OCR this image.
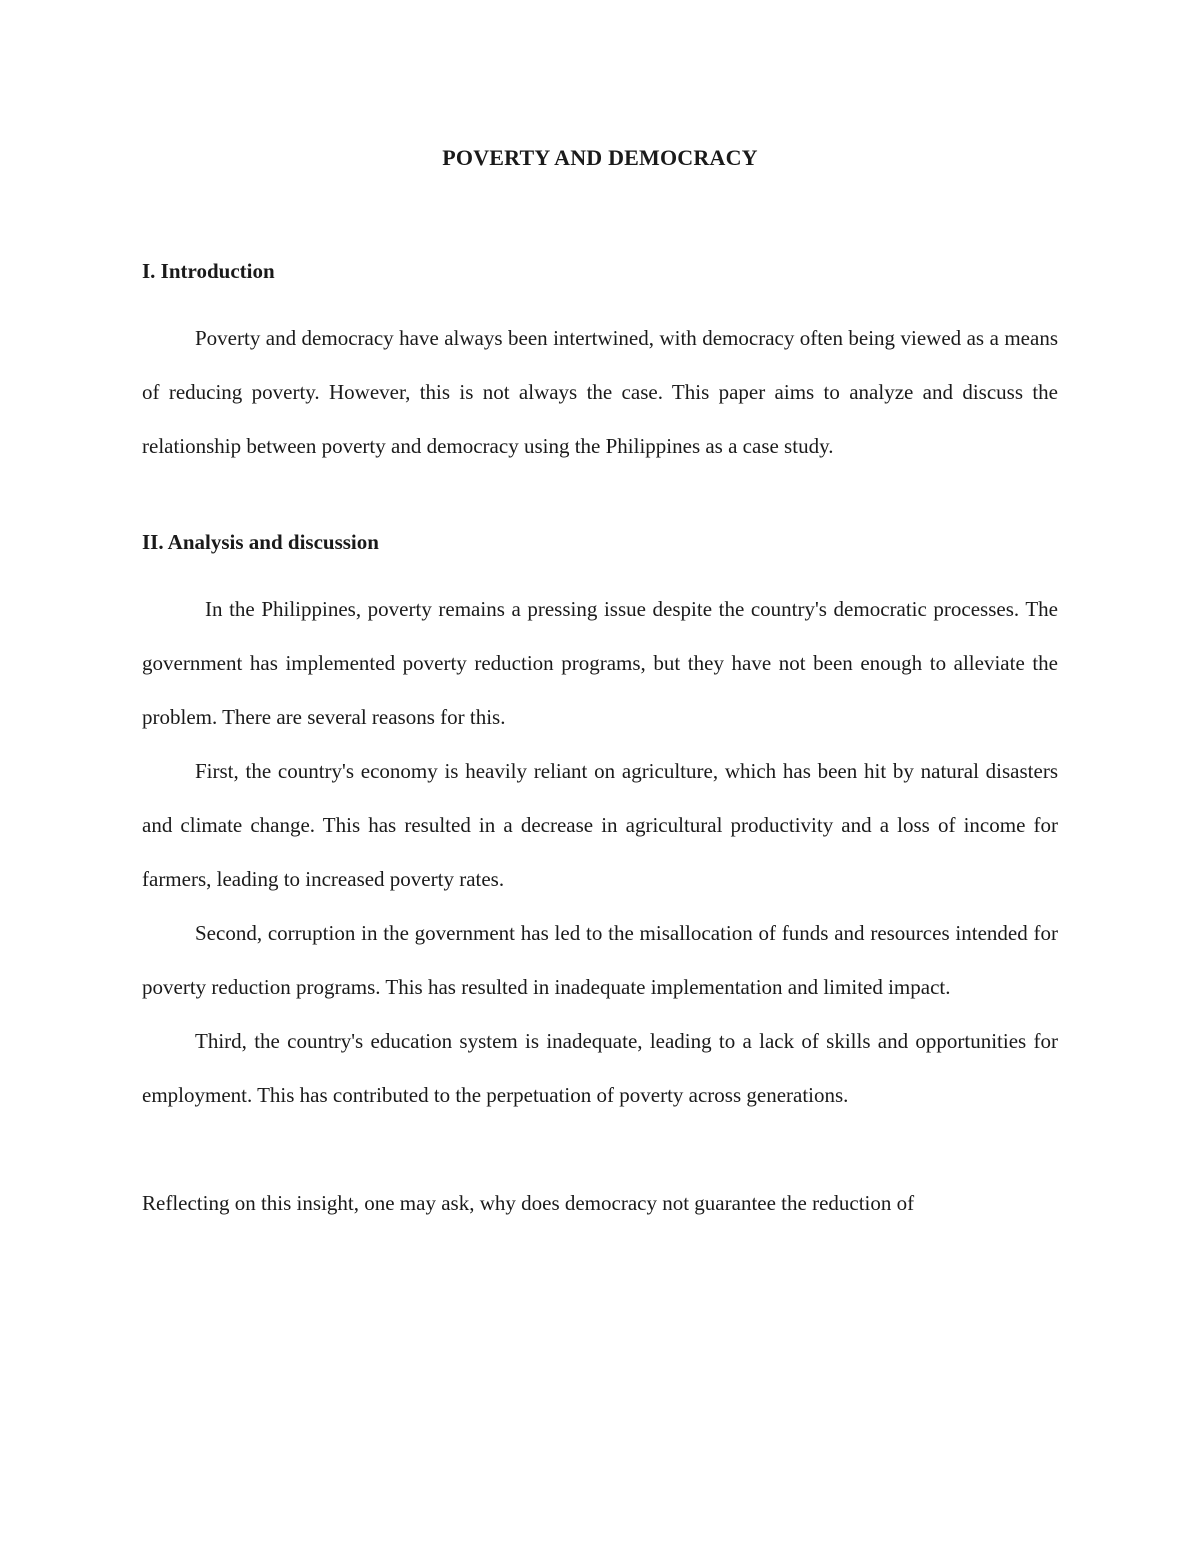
POVERTY AND DEMOCRACY
I. Introduction

Poverty and democracy have always been intertwined, with democracy often being viewed as a means of reducing poverty. However, this is not always the case. This paper aims to analyze and discuss the relationship between poverty and democracy using the Philippines as a case study.

II. Analysis and discussion

In the Philippines, poverty remains a pressing issue despite the country's democratic processes. The government has implemented poverty reduction programs, but they have not been enough to alleviate the problem. There are several reasons for this.

First, the country's economy is heavily reliant on agriculture, which has been hit by natural disasters and climate change. This has resulted in a decrease in agricultural productivity and a loss of income for farmers, leading to increased poverty rates.

Second, corruption in the government has led to the misallocation of funds and resources intended for poverty reduction programs. This has resulted in inadequate implementation and limited impact.

Third, the country's education system is inadequate, leading to a lack of skills and opportunities for employment. This has contributed to the perpetuation of poverty across generations.

Reflecting on this insight, one may ask, why does democracy not guarantee the reduction of
